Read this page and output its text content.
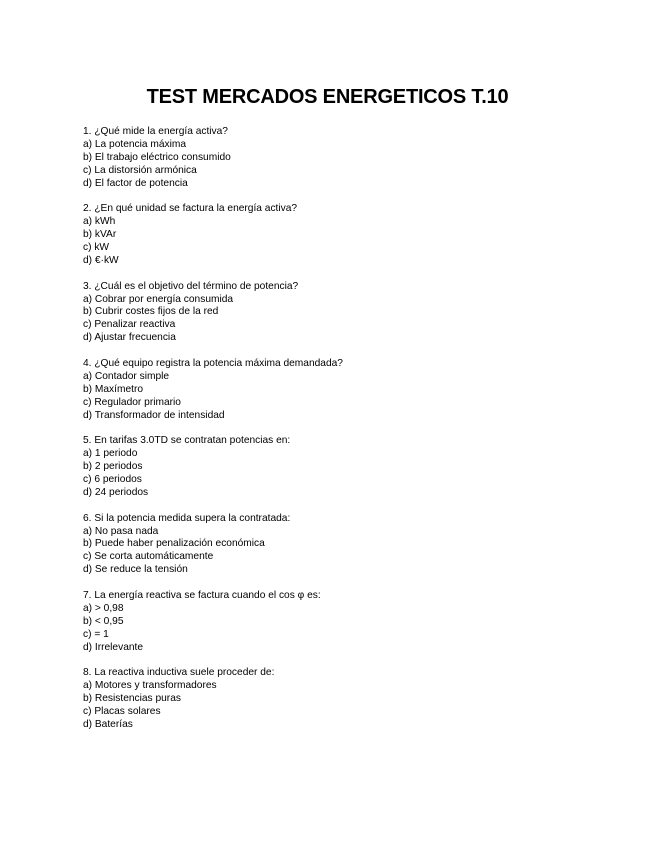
TEST MERCADOS ENERGETICOS T.10
1. ¿Qué mide la energía activa?
a) La potencia máxima
b) El trabajo eléctrico consumido
c) La distorsión armónica
d) El factor de potencia
2. ¿En qué unidad se factura la energía activa?
a) kWh
b) kVAr
c) kW
d) €·kW
3. ¿Cuál es el objetivo del término de potencia?
a) Cobrar por energía consumida
b) Cubrir costes fijos de la red
c) Penalizar reactiva
d) Ajustar frecuencia
4. ¿Qué equipo registra la potencia máxima demandada?
a) Contador simple
b) Maxímetro
c) Regulador primario
d) Transformador de intensidad
5. En tarifas 3.0TD se contratan potencias en:
a) 1 periodo
b) 2 periodos
c) 6 periodos
d) 24 periodos
6. Si la potencia medida supera la contratada:
a) No pasa nada
b) Puede haber penalización económica
c) Se corta automáticamente
d) Se reduce la tensión
7. La energía reactiva se factura cuando el cos φ es:
a) > 0,98
b) < 0,95
c) = 1
d) Irrelevante
8. La reactiva inductiva suele proceder de:
a) Motores y transformadores
b) Resistencias puras
c) Placas solares
d) Baterías
